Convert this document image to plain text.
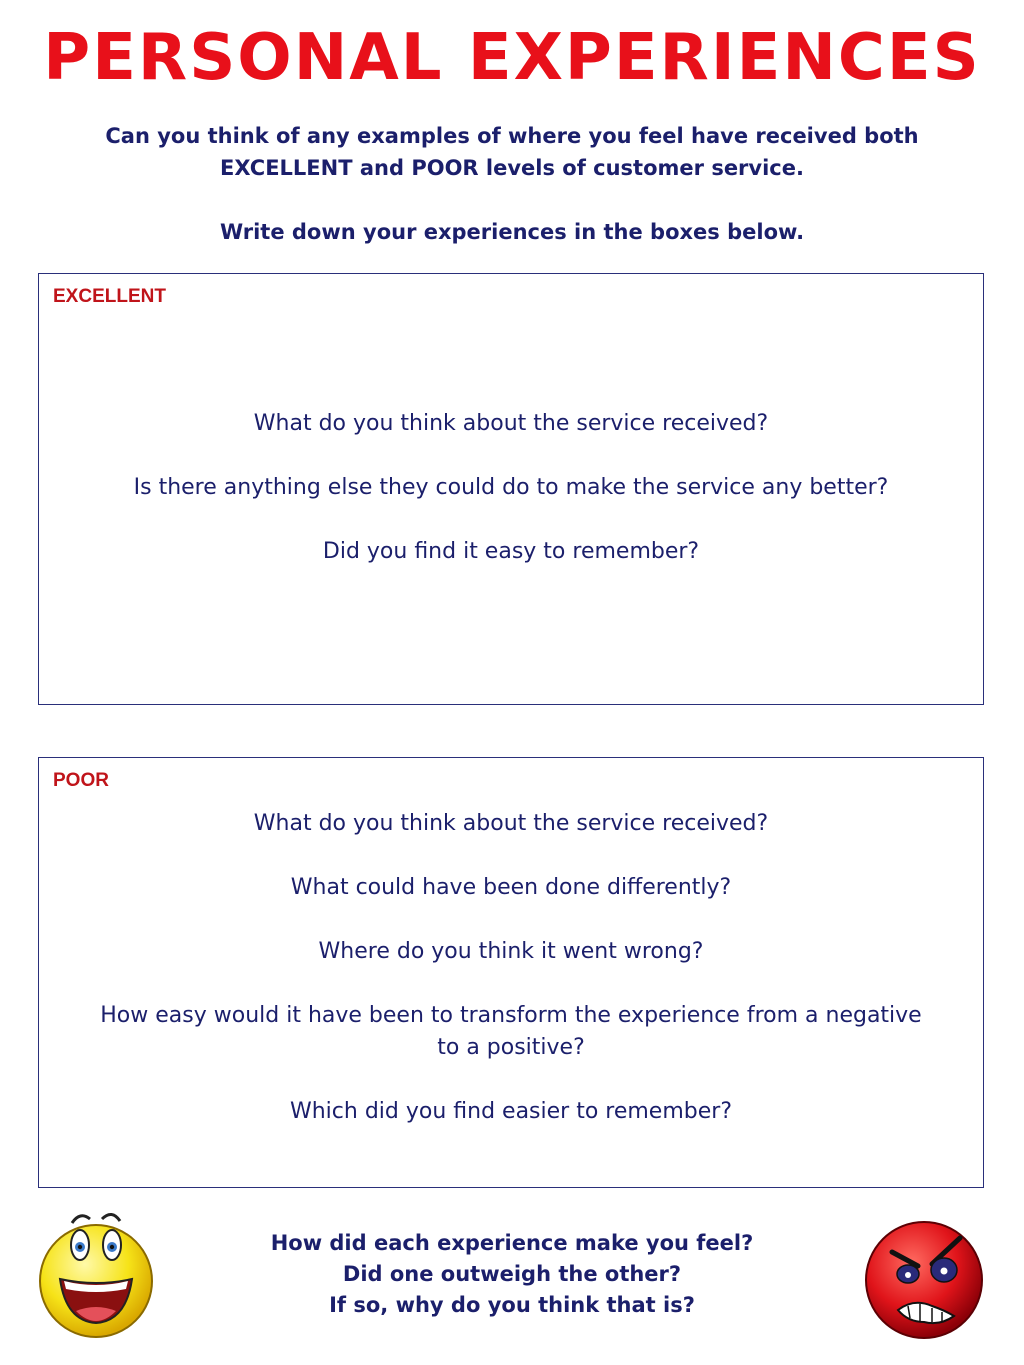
PERSONAL EXPERIENCES

Can you think of any examples of where you feel have received both

EXCELLENT and POOR levels of customer service.

Write down your experiences in the boxes below.

EXCELLENT

What do you think about the service received?

Is there anything else they could do to make the service any better?

Did you find it easy to remember?

POOR

What do you think about the service received?

What could have been done differently?

Where do you think it went wrong?

How easy would it have been to transform the experience from a negative to a positive?

Which did you find easier to remember?

How did each experience make you feel?

Did one outweigh the other?

If so, why do you think that is?
